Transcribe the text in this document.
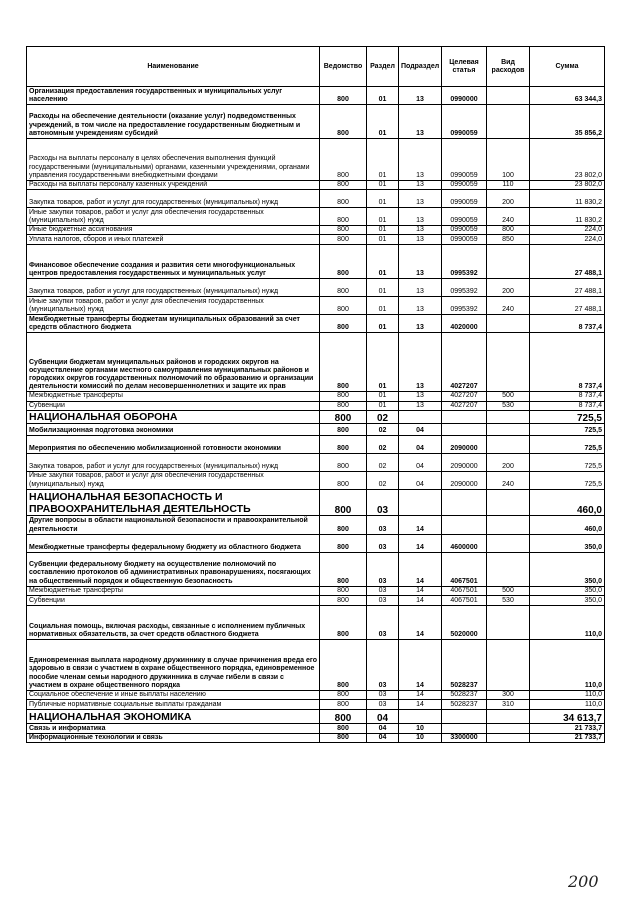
Наименование	Ведомство	Раздел	Подраздел	Целевая статья	Вид расходов	Сумма
Организация предоставления государственных и муниципальных услуг населению	800	01	13	0990000		63 344,3
Расходы на обеспечение деятельности (оказание услуг) подведомственных учреждений, в том числе на предоставление государственным бюджетным и автономным учреждениям субсидий	800	01	13	0990059		35 856,2
Расходы на выплаты персоналу в целях обеспечения выполнения функций государственными (муниципальными) органами, казенными учреждениями, органами управления государственными внебюджетными фондами	800	01	13	0990059	100	23 802,0
Расходы на выплаты персоналу казенных учреждений	800	01	13	0990059	110	23 802,0
Закупка товаров, работ и услуг для государственных (муниципальных) нужд	800	01	13	0990059	200	11 830,2
Иные закупки товаров, работ и услуг для обеспечения государственных (муниципальных) нужд	800	01	13	0990059	240	11 830,2
Иные бюджетные ассигнования	800	01	13	0990059	800	224,0
Уплата налогов, сборов и иных платежей	800	01	13	0990059	850	224,0
Финансовое обеспечение создания и развития сети многофункциональных центров предоставления государственных и муниципальных услуг	800	01	13	0995392		27 488,1
Закупка товаров, работ и услуг для государственных (муниципальных) нужд	800	01	13	0995392	200	27 488,1
Иные закупки товаров, работ и услуг для обеспечения государственных (муниципальных) нужд	800	01	13	0995392	240	27 488,1
Межбюджетные трансферты бюджетам муниципальных образований за счет средств областного бюджета	800	01	13	4020000		8 737,4
Субвенции бюджетам муниципальных районов и городских округов на осуществление органами местного самоуправления муниципальных районов и городских округов государственных полномочий по образованию и организации деятельности комиссий по делам несовершеннолетних и защите их прав	800	01	13	4027207		8 737,4
Межбюджетные трансферты	800	01	13	4027207	500	8 737,4
Субвенции	800	01	13	4027207	530	8 737,4
НАЦИОНАЛЬНАЯ ОБОРОНА	800	02				725,5
Мобилизационная подготовка экономики	800	02	04			725,5
Мероприятия по обеспечению мобилизационной готовности экономики	800	02	04	2090000		725,5
Закупка товаров, работ и услуг для государственных (муниципальных) нужд	800	02	04	2090000	200	725,5
Иные закупки товаров, работ и услуг для обеспечения государственных (муниципальных) нужд	800	02	04	2090000	240	725,5
НАЦИОНАЛЬНАЯ БЕЗОПАСНОСТЬ И ПРАВООХРАНИТЕЛЬНАЯ ДЕЯТЕЛЬНОСТЬ	800	03				460,0
Другие вопросы в области национальной безопасности и правоохранительной деятельности	800	03	14			460,0
Межбюджетные трансферты федеральному бюджету из областного бюджета	800	03	14	4600000		350,0
Субвенции федеральному бюджету на осуществление полномочий по составлению протоколов об административных правонарушениях, посягающих на общественный порядок и общественную безопасность	800	03	14	4067501		350,0
Межбюджетные трансферты	800	03	14	4067501	500	350,0
Субвенции	800	03	14	4067501	530	350,0
Социальная помощь, включая расходы, связанные с исполнением публичных нормативных обязательств, за счет средств областного бюджета	800	03	14	5020000		110,0
Единовременная выплата народному дружиннику в случае причинения вреда его здоровью в связи с участием в охране общественного порядка, единовременное пособие членам семьи народного дружинника в случае гибели в связи с участием в охране общественного порядка	800	03	14	5028237		110,0
Социальное обеспечение и иные выплаты населению	800	03	14	5028237	300	110,0
Публичные нормативные социальные выплаты гражданам	800	03	14	5028237	310	110,0
НАЦИОНАЛЬНАЯ ЭКОНОМИКА	800	04				34 613,7
Связь и информатика	800	04	10			21 733,7
Информационные технологии и связь	800	04	10	3300000		21 733,7
200
